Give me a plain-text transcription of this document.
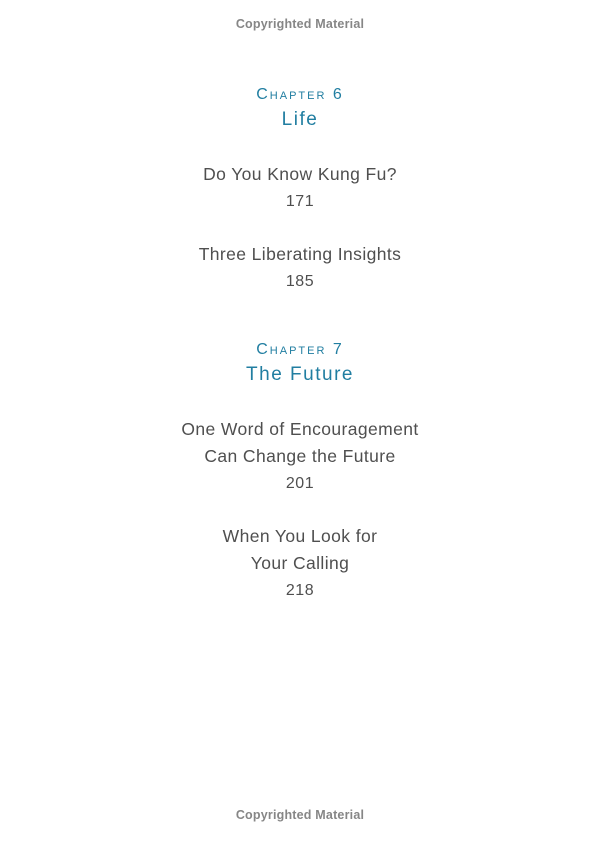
Copyrighted Material
Chapter 6
Life
Do You Know Kung Fu?
171
Three Liberating Insights
185
Chapter 7
The Future
One Word of Encouragement
Can Change the Future
201
When You Look for
Your Calling
218
Copyrighted Material
